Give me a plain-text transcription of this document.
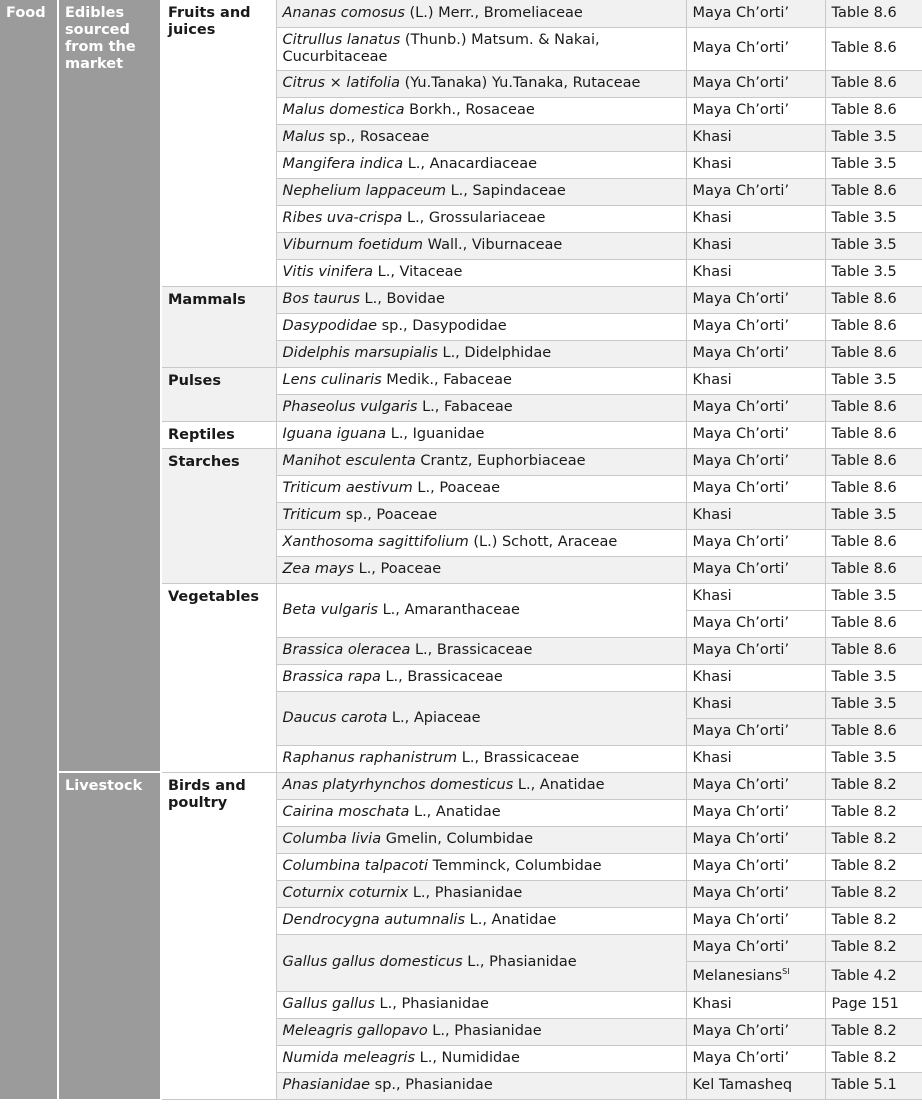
Food	Edibles sourced from the market	Fruits and juices	Ananas comosus (L.) Merr., Bromeliaceae	Maya Ch’orti’	Table 8.6
			Citrullus lanatus (Thunb.) Matsum. & Nakai, Cucurbitaceae	Maya Ch’orti’	Table 8.6
			Citrus × latifolia (Yu.Tanaka) Yu.Tanaka, Rutaceae	Maya Ch’orti’	Table 8.6
			Malus domestica Borkh., Rosaceae	Maya Ch’orti’	Table 8.6
			Malus sp., Rosaceae	Khasi	Table 3.5
			Mangifera indica L., Anacardiaceae	Khasi	Table 3.5
			Nephelium lappaceum L., Sapindaceae	Maya Ch’orti’	Table 8.6
			Ribes uva-crispa L., Grossulariaceae	Khasi	Table 3.5
			Viburnum foetidum Wall., Viburnaceae	Khasi	Table 3.5
			Vitis vinifera L., Vitaceae	Khasi	Table 3.5
		Mammals	Bos taurus L., Bovidae	Maya Ch’orti’	Table 8.6
			Dasypodidae sp., Dasypodidae	Maya Ch’orti’	Table 8.6
			Didelphis marsupialis L., Didelphidae	Maya Ch’orti’	Table 8.6
		Pulses	Lens culinaris Medik., Fabaceae	Khasi	Table 3.5
			Phaseolus vulgaris L., Fabaceae	Maya Ch’orti’	Table 8.6
		Reptiles	Iguana iguana L., Iguanidae	Maya Ch’orti’	Table 8.6
		Starches	Manihot esculenta Crantz, Euphorbiaceae	Maya Ch’orti’	Table 8.6
			Triticum aestivum L., Poaceae	Maya Ch’orti’	Table 8.6
			Triticum sp., Poaceae	Khasi	Table 3.5
			Xanthosoma sagittifolium (L.) Schott, Araceae	Maya Ch’orti’	Table 8.6
			Zea mays L., Poaceae	Maya Ch’orti’	Table 8.6
		Vegetables	Beta vulgaris L., Amaranthaceae	Khasi	Table 3.5
				Maya Ch’orti’	Table 8.6
			Brassica oleracea L., Brassicaceae	Maya Ch’orti’	Table 8.6
			Brassica rapa L., Brassicaceae	Khasi	Table 3.5
			Daucus carota L., Apiaceae	Khasi	Table 3.5
				Maya Ch’orti’	Table 8.6
			Raphanus raphanistrum L., Brassicaceae	Khasi	Table 3.5
	Livestock	Birds and poultry	Anas platyrhynchos domesticus L., Anatidae	Maya Ch’orti’	Table 8.2
			Cairina moschata L., Anatidae	Maya Ch’orti’	Table 8.2
			Columba livia Gmelin, Columbidae	Maya Ch’orti’	Table 8.2
			Columbina talpacoti Temminck, Columbidae	Maya Ch’orti’	Table 8.2
			Coturnix coturnix L., Phasianidae	Maya Ch’orti’	Table 8.2
			Dendrocygna autumnalis L., Anatidae	Maya Ch’orti’	Table 8.2
			Gallus gallus domesticus L., Phasianidae	Maya Ch’orti’	Table 8.2
				Melanesians$^{SI}$	Table 4.2
			Gallus gallus L., Phasianidae	Khasi	Page 151
			Meleagris gallopavo L., Phasianidae	Maya Ch’orti’	Table 8.2
			Numida meleagris L., Numididae	Maya Ch’orti’	Table 8.2
			Phasianidae sp., Phasianidae	Kel Tamasheq	Table 5.1
